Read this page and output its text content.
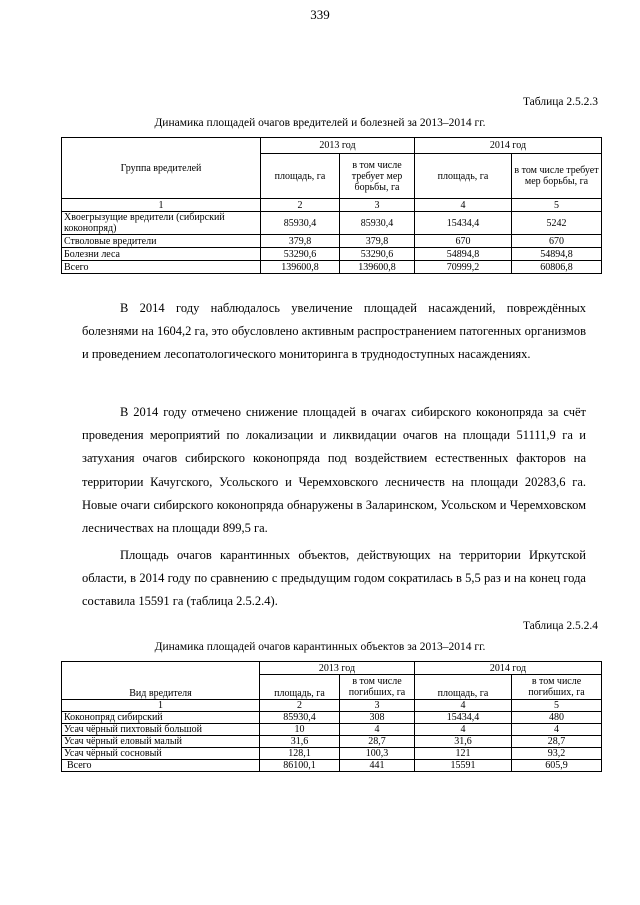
339
Таблица 2.5.2.3
Динамика площадей очагов вредителей и болезней за 2013–2014 гг.
Группа вредителей	2013 год		2014 год	
	площадь, га	в том числе требует мер борьбы, га	площадь, га	в том числе требует мер борьбы, га
1	2	3	4	5
Хвоегрызущие вредители (сибирский коконопряд)	85930,4	85930,4	15434,4	5242
Стволовые вредители	379,8	379,8	670	670
Болезни леса	53290,6	53290,6	54894,8	54894,8
Всего	139600,8	139600,8	70999,2	60806,8

В 2014 году наблюдалось увеличение площадей насаждений, повреждённых болезнями на 1604,2 га, это обусловлено активным распространением патогенных организмов и проведением лесопатологического мониторинга в труднодоступных насаждениях.

В 2014 году отмечено снижение площадей в очагах сибирского коконопряда за счёт проведения мероприятий по локализации и ликвидации очагов на площади 51111,9 га и затухания очагов сибирского коконопряда под воздействием естественных факторов на территории Качугского, Усольского и Черемховского лесничеств на площади 20283,6 га. Новые очаги сибирского коконопряда обнаружены в Заларинском, Усольском и Черемховском лесничествах на площади 899,5 га.

Площадь очагов карантинных объектов, действующих на территории Иркутской области, в 2014 году по сравнению с предыдущим годом сократилась в 5,5 раз и на конец года составила 15591 га (таблица 2.5.2.4).

Таблица 2.5.2.4
Динамика площадей очагов карантинных объектов за 2013–2014 гг.
Вид вредителя	2013 год		2014 год	
	площадь, га	в том числе погибших, га	площадь, га	в том числе погибших, га
1	2	3	4	5
Коконопряд сибирский	85930,4	308	15434,4	480
Усач чёрный пихтовый большой	10	4	4	4
Усач чёрный еловый малый	31,6	28,7	31,6	28,7
Усач чёрный сосновый	128,1	100,3	121	93,2
Всего	86100,1	441	15591	605,9
